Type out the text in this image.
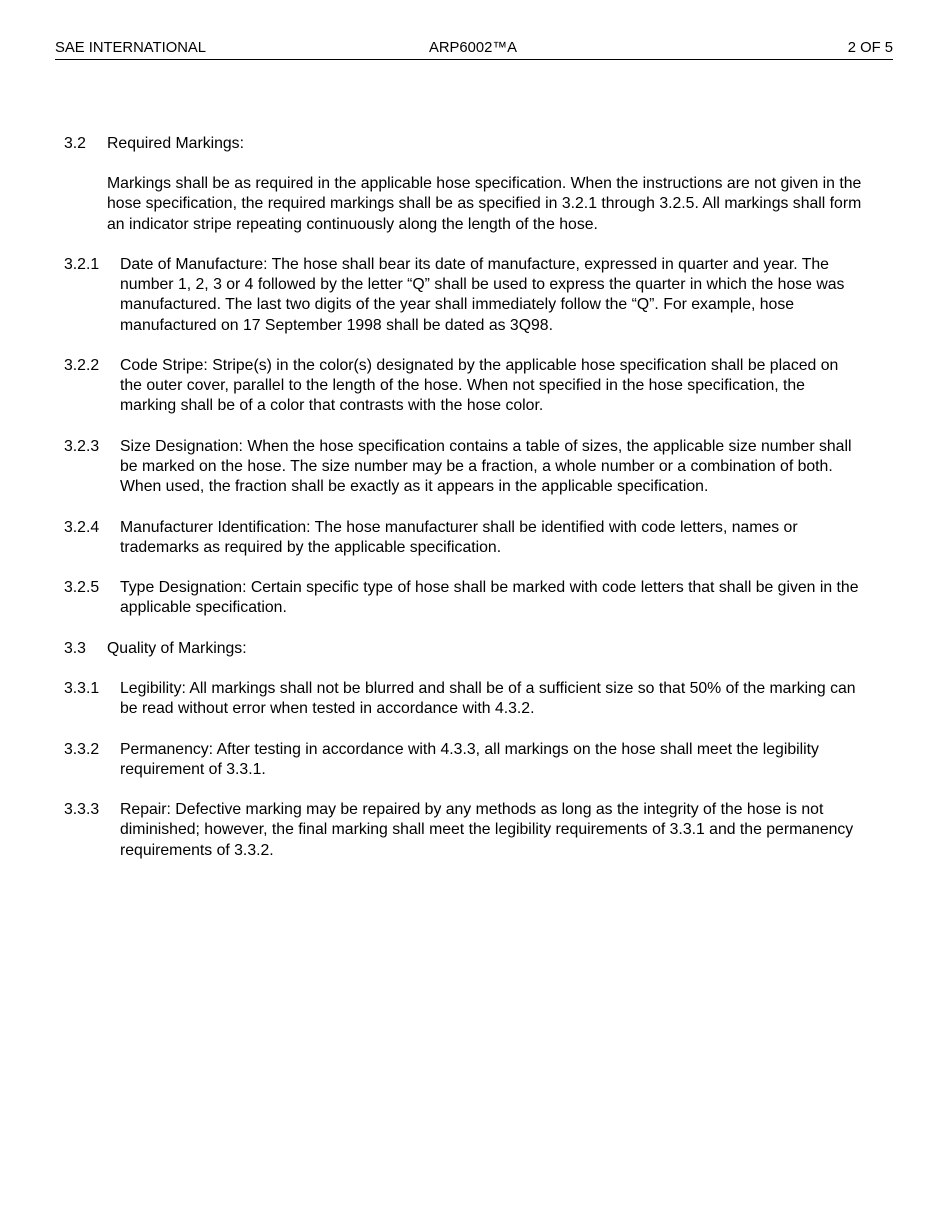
SAE INTERNATIONAL	ARP6002™A	2 OF 5
3.2	Required Markings:
Markings shall be as required in the applicable hose specification. When the instructions are not given in the hose specification, the required markings shall be as specified in 3.2.1 through 3.2.5. All markings shall form an indicator stripe repeating continuously along the length of the hose.
3.2.1	Date of Manufacture: The hose shall bear its date of manufacture, expressed in quarter and year. The number 1, 2, 3 or 4 followed by the letter “Q” shall be used to express the quarter in which the hose was manufactured. The last two digits of the year shall immediately follow the “Q”. For example, hose manufactured on 17 September 1998 shall be dated as 3Q98.
3.2.2	Code Stripe: Stripe(s) in the color(s) designated by the applicable hose specification shall be placed on the outer cover, parallel to the length of the hose. When not specified in the hose specification, the marking shall be of a color that contrasts with the hose color.
3.2.3	Size Designation: When the hose specification contains a table of sizes, the applicable size number shall be marked on the hose. The size number may be a fraction, a whole number or a combination of both. When used, the fraction shall be exactly as it appears in the applicable specification.
3.2.4	Manufacturer Identification: The hose manufacturer shall be identified with code letters, names or trademarks as required by the applicable specification.
3.2.5	Type Designation: Certain specific type of hose shall be marked with code letters that shall be given in the applicable specification.
3.3	Quality of Markings:
3.3.1	Legibility: All markings shall not be blurred and shall be of a sufficient size so that 50% of the marking can be read without error when tested in accordance with 4.3.2.
3.3.2	Permanency: After testing in accordance with 4.3.3, all markings on the hose shall meet the legibility requirement of 3.3.1.
3.3.3	Repair: Defective marking may be repaired by any methods as long as the integrity of the hose is not diminished; however, the final marking shall meet the legibility requirements of 3.3.1 and the permanency requirements of 3.3.2.
